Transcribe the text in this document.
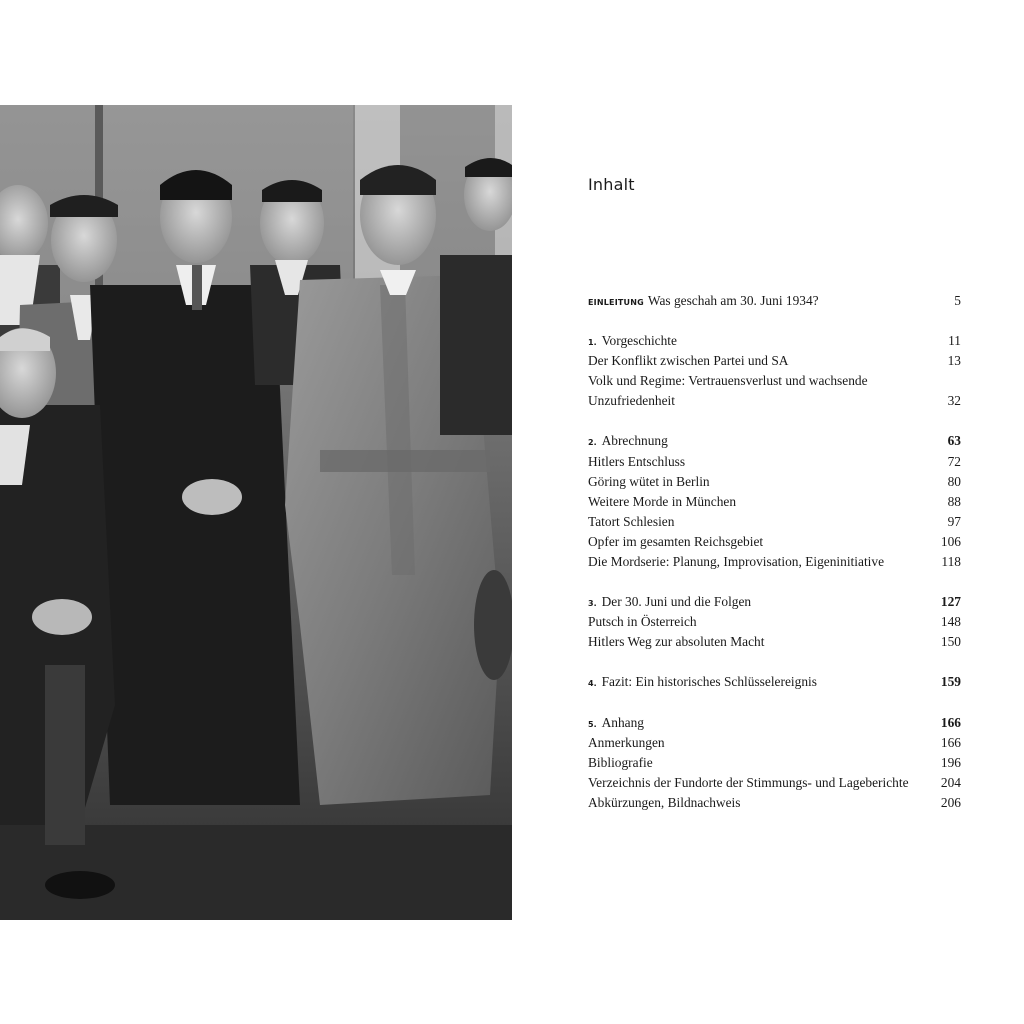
Inhalt
EINLEITUNG Was geschah am 30. Juni 1934?	5
1. Vorgeschichte	11
Der Konflikt zwischen Partei und SA	13
Volk und Regime: Vertrauensverlust und wachsende
Unzufriedenheit	32
2. Abrechnung	63
Hitlers Entschluss	72
Göring wütet in Berlin	80
Weitere Morde in München	88
Tatort Schlesien	97
Opfer im gesamten Reichsgebiet	106
Die Mordserie: Planung, Improvisation, Eigeninitiative	118
3. Der 30. Juni und die Folgen	127
Putsch in Österreich	148
Hitlers Weg zur absoluten Macht	150
4. Fazit: Ein historisches Schlüsselereignis	159
5. Anhang	166
Anmerkungen	166
Bibliografie	196
Verzeichnis der Fundorte der Stimmungs- und Lageberichte 204
Abkürzungen, Bildnachweis	206
